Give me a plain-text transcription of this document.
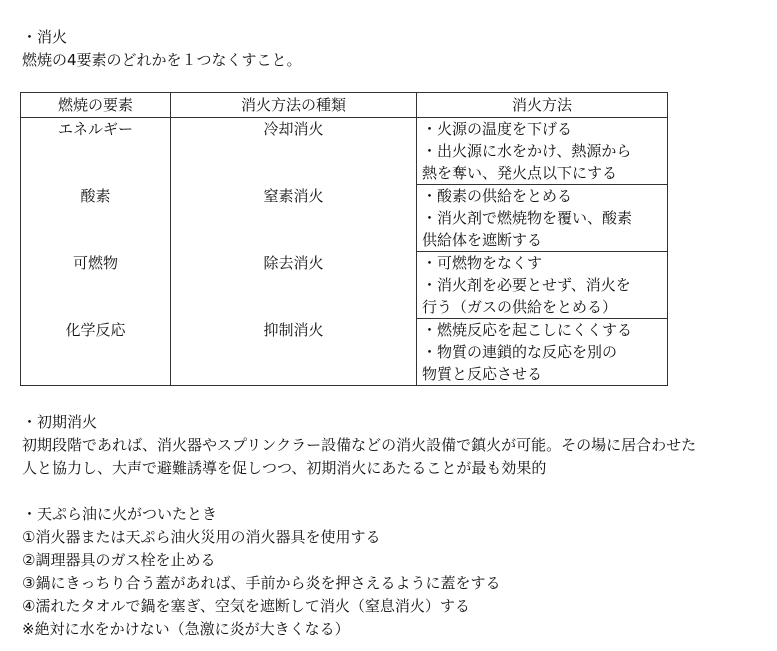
・消火
燃焼の4要素のどれかを１つなくすこと。
燃焼の要素	消火方法の種類	消火方法
エネルギー	冷却消火	・火源の温度を下げる
・出火源に水をかけ、熱源から
熱を奪い、発火点以下にする

酸素	窒素消火	・酸素の供給をとめる
・消火剤で燃焼物を覆い、酸素
供給体を遮断する

可燃物	除去消火	・可燃物をなくす
・消火剤を必要とせず、消火を
行う（ガスの供給をとめる）

化学反応	抑制消火	・燃焼反応を起こしにくくする
・物質の連鎖的な反応を別の
物質と反応させる
・初期消火
初期段階であれば、消火器やスプリンクラー設備などの消火設備で鎮火が可能。その場に居合わせた
人と協力し、大声で避難誘導を促しつつ、初期消火にあたることが最も効果的
・天ぷら油に火がついたとき
①消火器または天ぷら油火災用の消火器具を使用する
②調理器具のガス栓を止める
③鍋にきっちり合う蓋があれば、手前から炎を押さえるように蓋をする
④濡れたタオルで鍋を塞ぎ、空気を遮断して消火（窒息消火）する
※絶対に水をかけない（急激に炎が大きくなる）
